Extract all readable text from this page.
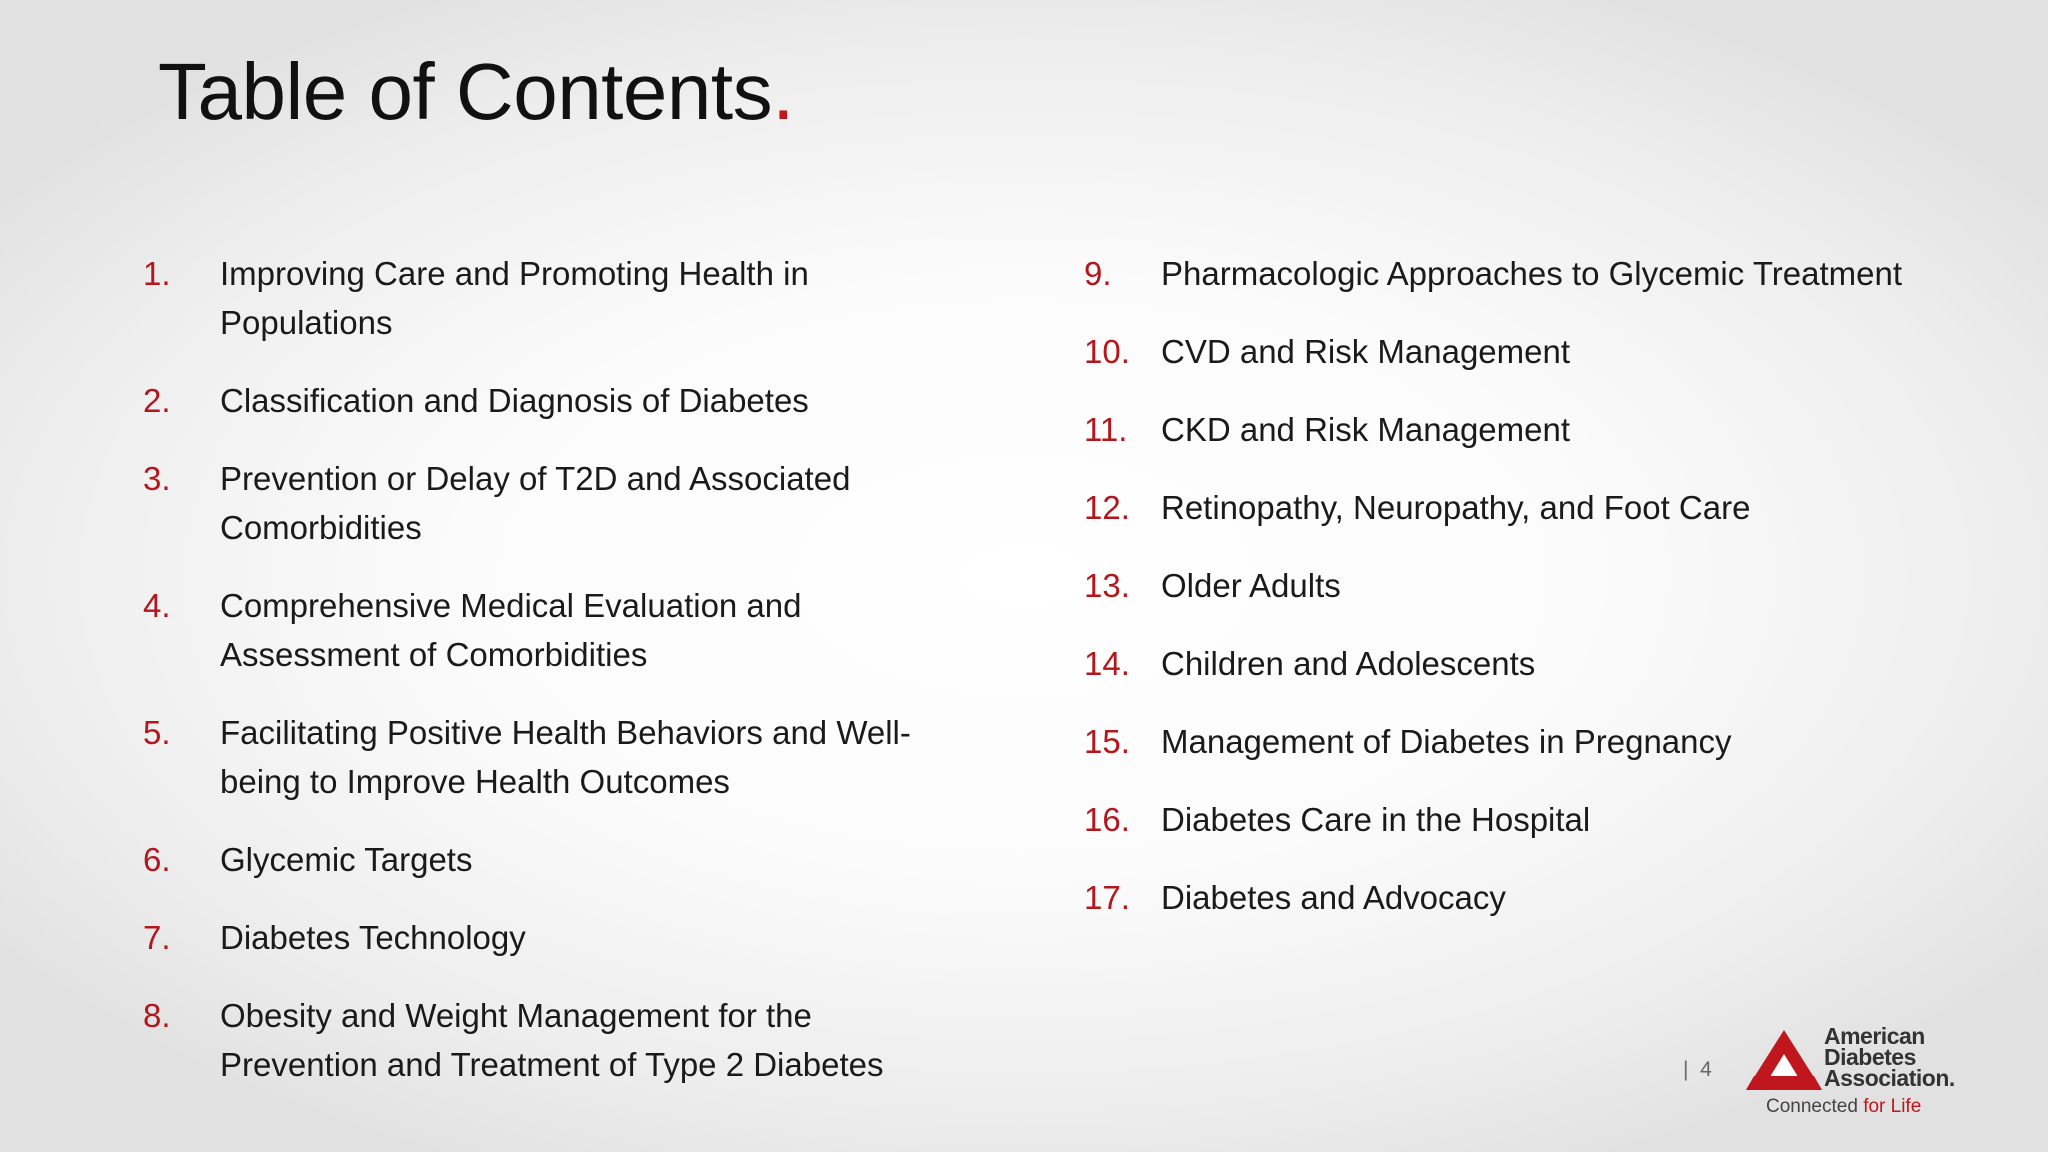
Table of Contents.
1.	Improving Care and Promoting Health in Populations
2.	Classification and Diagnosis of Diabetes
3.	Prevention or Delay of T2D and Associated Comorbidities
4.	Comprehensive Medical Evaluation and Assessment of Comorbidities
5.	Facilitating Positive Health Behaviors and Well-being to Improve Health Outcomes
6.	Glycemic Targets
7.	Diabetes Technology
8.	Obesity and Weight Management for the Prevention and Treatment of Type 2 Diabetes
9.	Pharmacologic Approaches to Glycemic Treatment
10. CVD and Risk Management
11.	CKD and Risk Management
12. Retinopathy, Neuropathy, and Foot Care
13. Older Adults
14. Children and Adolescents
15. Management of Diabetes in Pregnancy
16. Diabetes Care in the Hospital
17. Diabetes and Advocacy
| 4
American
Diabetes
Association.
Connected for Life
